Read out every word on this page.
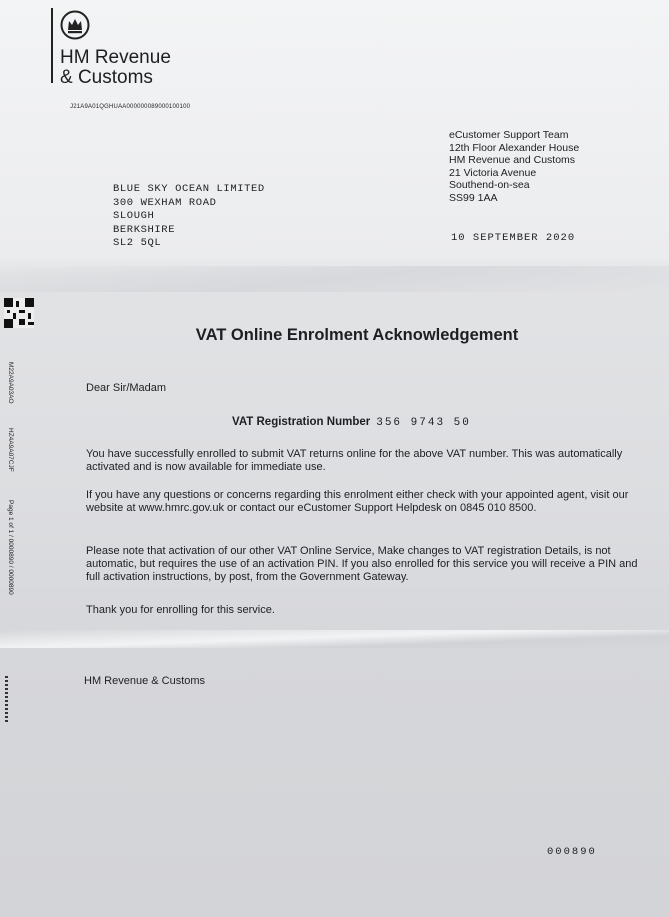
HM Revenue
& Customs
J21A9A01QGHUAA000000089000100100
eCustomer Support Team
12th Floor Alexander House
HM Revenue and Customs
21 Victoria Avenue
Southend-on-sea
SS99 1AA
BLUE SKY OCEAN LIMITED
300 WEXHAM ROAD
SLOUGH
BERKSHIRE
SL2 5QL	10 SEPTEMBER 2020
M22A9A03AO
HZ4A9A07CJF
Page 1 of 1 / 0000890 / 0000890
VAT Online Enrolment Acknowledgement
Dear Sir/Madam
VAT Registration Number 356 9743 50
You have successfully enrolled to submit VAT returns online for the above VAT number. This was automatically activated and is now available for immediate use.
If you have any questions or concerns regarding this enrolment either check with your appointed agent, visit our website at www.hmrc.gov.uk or contact our eCustomer Support Helpdesk on 0845 010 8500.
Please note that activation of our other VAT Online Service, Make changes to VAT registration Details, is not automatic, but requires the use of an activation PIN. If you also enrolled for this service you will receive a PIN and full activation instructions, by post, from the Government Gateway.
Thank you for enrolling for this service.
HM Revenue & Customs
000890
